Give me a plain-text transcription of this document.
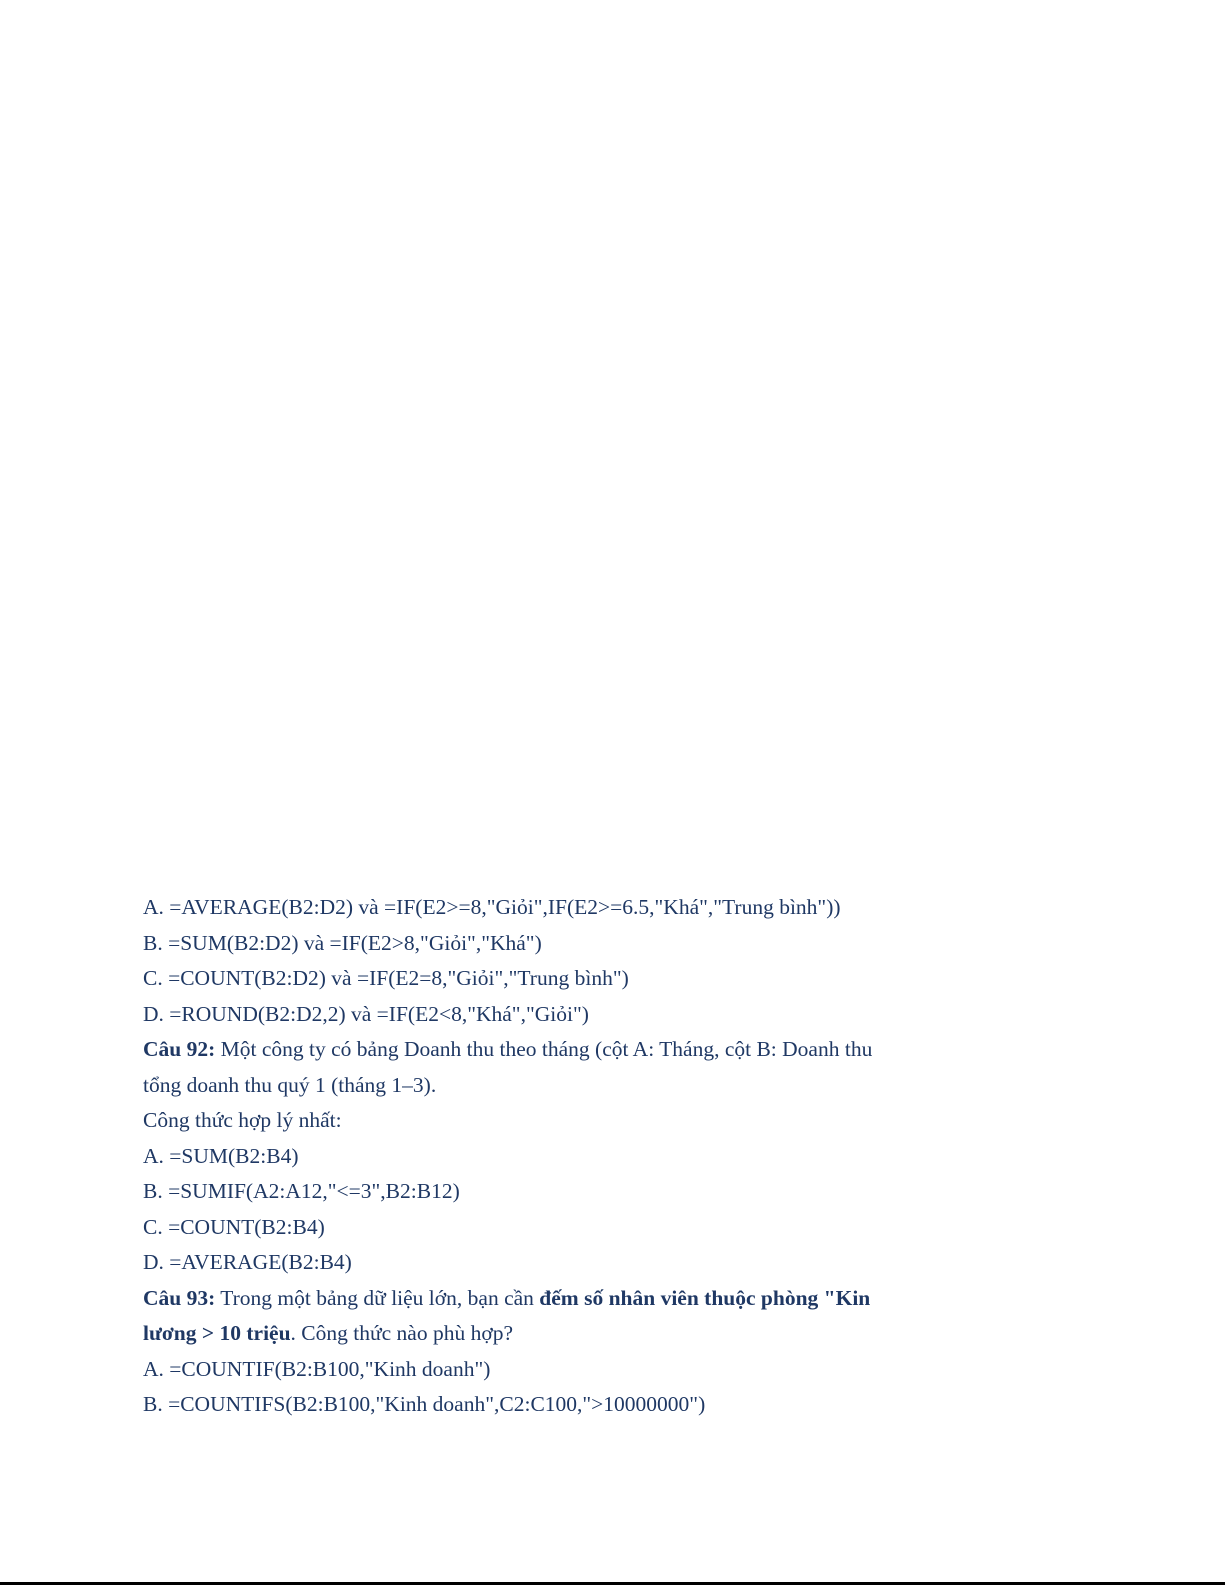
A. =AVERAGE(B2:D2) và =IF(E2>=8,"Giỏi",IF(E2>=6.5,"Khá","Trung bình"))
B. =SUM(B2:D2) và =IF(E2>8,"Giỏi","Khá")
C. =COUNT(B2:D2) và =IF(E2=8,"Giỏi","Trung bình")
D. =ROUND(B2:D2,2) và =IF(E2<8,"Khá","Giỏi")
Câu 92: Một công ty có bảng Doanh thu theo tháng (cột A: Tháng, cột B: Doanh thu
tổng doanh thu quý 1 (tháng 1–3).
Công thức hợp lý nhất:
A. =SUM(B2:B4)
B. =SUMIF(A2:A12,"<=3",B2:B12)
C. =COUNT(B2:B4)
D. =AVERAGE(B2:B4)
Câu 93: Trong một bảng dữ liệu lớn, bạn cần đếm số nhân viên thuộc phòng "Kin
lương > 10 triệu. Công thức nào phù hợp?
A. =COUNTIF(B2:B100,"Kinh doanh")
B. =COUNTIFS(B2:B100,"Kinh doanh",C2:C100,">10000000")
